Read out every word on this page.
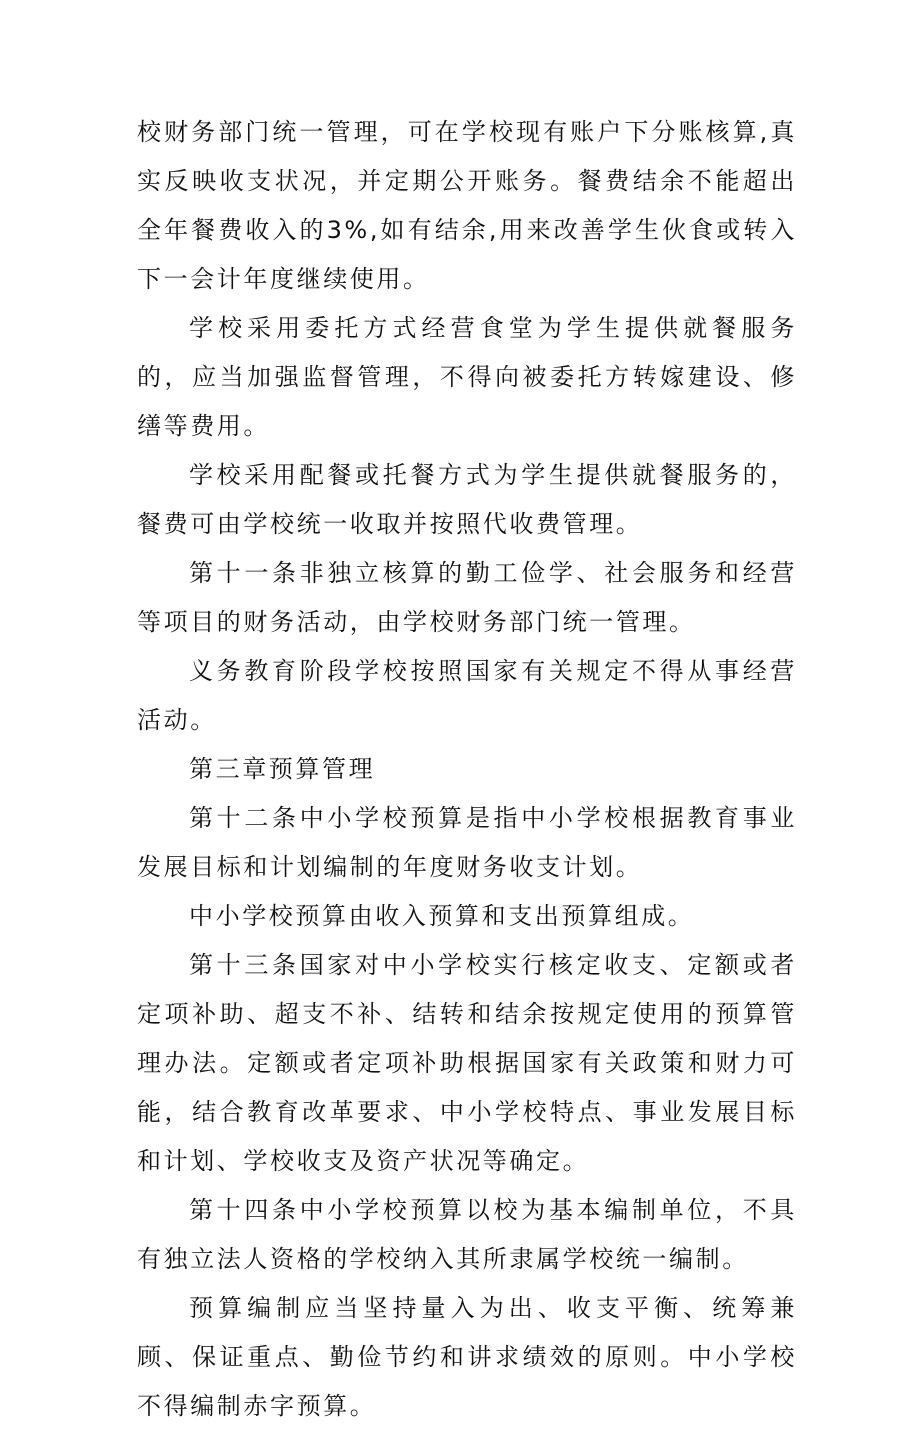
校财务部门统一管理，可在学校现有账户下分账核算,真实反映收支状况，并定期公开账务。餐费结余不能超出全年餐费收入的3%,如有结余,用来改善学生伙食或转入下一会计年度继续使用。

学校采用委托方式经营食堂为学生提供就餐服务的，应当加强监督管理，不得向被委托方转嫁建设、修缮等费用。

学校采用配餐或托餐方式为学生提供就餐服务的，餐费可由学校统一收取并按照代收费管理。

第十一条非独立核算的勤工俭学、社会服务和经营等项目的财务活动，由学校财务部门统一管理。

义务教育阶段学校按照国家有关规定不得从事经营活动。

第三章预算管理

第十二条中小学校预算是指中小学校根据教育事业发展目标和计划编制的年度财务收支计划。

中小学校预算由收入预算和支出预算组成。

第十三条国家对中小学校实行核定收支、定额或者定项补助、超支不补、结转和结余按规定使用的预算管理办法。定额或者定项补助根据国家有关政策和财力可能，结合教育改革要求、中小学校特点、事业发展目标和计划、学校收支及资产状况等确定。

第十四条中小学校预算以校为基本编制单位，不具有独立法人资格的学校纳入其所隶属学校统一编制。

预算编制应当坚持量入为出、收支平衡、统筹兼顾、保证重点、勤俭节约和讲求绩效的原则。中小学校不得编制赤字预算。
